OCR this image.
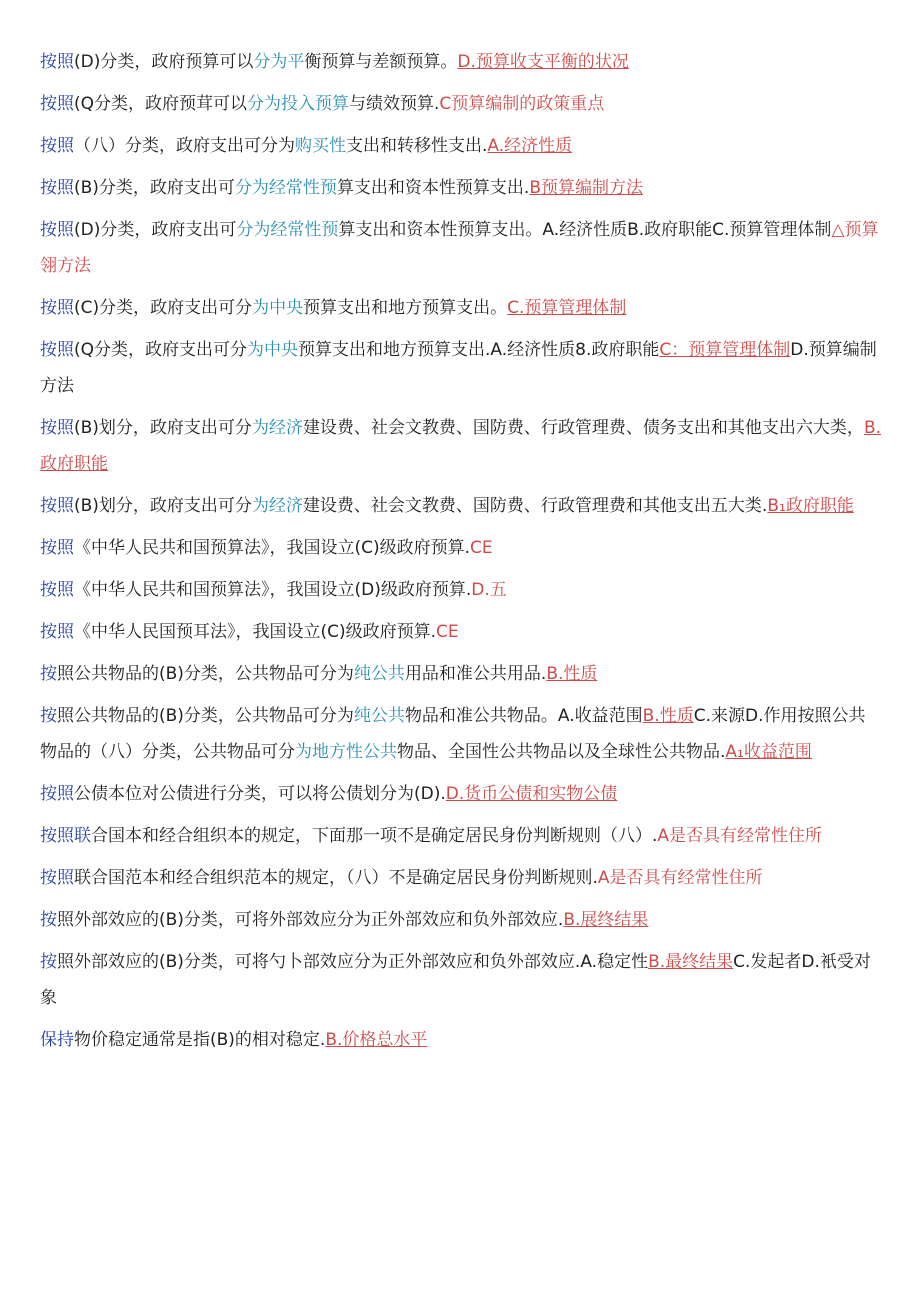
按照(D)分类，政府预算可以分为平衡预算与差额预算。D.预算收支平衡的状况

按照(Q分类，政府预茸可以分为投入预算与绩效预算.C预算编制的政策重点

按照（八）分类，政府支出可分为购买性支出和转移性支出.A.经济性质

按照(B)分类，政府支出可分为经常性预算支出和资本性预算支出.B预算编制方法

按照(D)分类，政府支出可分为经常性预算支出和资本性预算支出。A.经济性质B.政府职能C.预算管理体制△预算翎方法

按照(C)分类，政府支出可分为中央预算支出和地方预算支出。C.预算管理体制

按照(Q分类，政府支出可分为中央预算支出和地方预算支出.A.经济性质8.政府职能C：预算管理体制D.预算编制方法

按照(B)划分，政府支出可分为经济建设费、社会文教费、国防费、行政管理费、债务支出和其他支出六大类，B.政府职能

按照(B)划分，政府支出可分为经济建设费、社会文教费、国防费、行政管理费和其他支出五大类.B₁政府职能

按照《中华人民共和国预算法》，我国设立(C)级政府预算.CE

按照《中华人民共和国预算法》，我国设立(D)级政府预算.D.五

按照《中华人民国预耳法》，我国设立(C)级政府预算.CE

按照公共物品的(B)分类，公共物品可分为纯公共用品和准公共用品.B.性质

按照公共物品的(B)分类，公共物品可分为纯公共物品和准公共物品。A.收益范围B.性质C.来源D.作用按照公共物品的（八）分类，公共物品可分为地方性公共物品、全国性公共物品以及全球性公共物品.A₁收益范围

按照公债本位对公债进行分类，可以将公债划分为(D).D.货币公债和实物公债

按照联合国本和经合组织本的规定，下面那一项不是确定居民身份判断规则（八）.A是否具有经常性住所

按照联合国范本和经合组织范本的规定，（八）不是确定居民身份判断规则.A是否具有经常性住所

按照外部效应的(B)分类，可将外部效应分为正外部效应和负外部效应.B.展终结果

按照外部效应的(B)分类，可将勺卜部效应分为正外部效应和负外部效应.A.稳定性B.最终结果C.发起者D.衹受对象

保持物价稳定通常是指(B)的相对稳定.B.价格总水平
